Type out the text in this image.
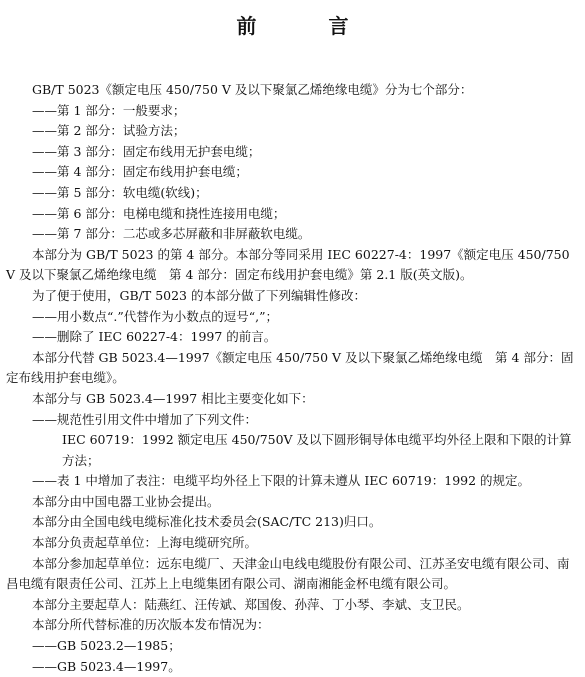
前　言

GB/T 5023《额定电压 450/750 V 及以下聚氯乙烯绝缘电缆》分为七个部分：

——第 1 部分：一般要求；

——第 2 部分：试验方法；

——第 3 部分：固定布线用无护套电缆；

——第 4 部分：固定布线用护套电缆；

——第 5 部分：软电缆(软线)；

——第 6 部分：电梯电缆和挠性连接用电缆；

——第 7 部分：二芯或多芯屏蔽和非屏蔽软电缆。

本部分为 GB/T 5023 的第 4 部分。本部分等同采用 IEC 60227-4：1997《额定电压 450/750 V 及以下聚氯乙烯绝缘电缆　第 4 部分：固定布线用护套电缆》第 2.1 版(英文版)。

为了便于使用，GB/T 5023 的本部分做了下列编辑性修改：

——用小数点“.”代替作为小数点的逗号“,”；

——删除了 IEC 60227-4：1997 的前言。

本部分代替 GB 5023.4—1997《额定电压 450/750 V 及以下聚氯乙烯绝缘电缆　第 4 部分：固定布线用护套电缆》。

本部分与 GB 5023.4—1997 相比主要变化如下：

——规范性引用文件中增加了下列文件：

IEC 60719：1992 额定电压 450/750V 及以下圆形铜导体电缆平均外径上限和下限的计算方法；

——表 1 中增加了表注：电缆平均外径上下限的计算未遵从 IEC 60719：1992 的规定。

本部分由中国电器工业协会提出。

本部分由全国电线电缆标准化技术委员会(SAC/TC 213)归口。

本部分负责起草单位：上海电缆研究所。

本部分参加起草单位：远东电缆厂、天津金山电线电缆股份有限公司、江苏圣安电缆有限公司、南昌电缆有限责任公司、江苏上上电缆集团有限公司、湖南湘能金杯电缆有限公司。

本部分主要起草人：陆燕红、汪传斌、郑国俊、孙萍、丁小琴、李斌、支卫民。

本部分所代替标准的历次版本发布情况为：

——GB 5023.2—1985；

——GB 5023.4—1997。
